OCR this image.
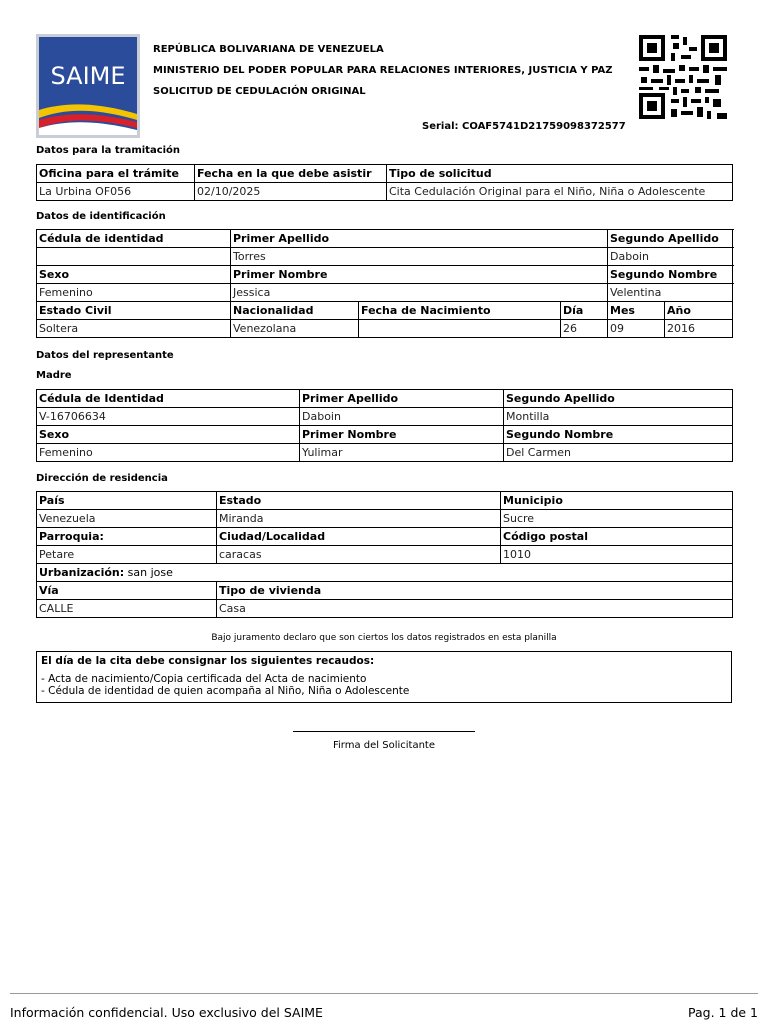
SAIME
REPÚBLICA BOLIVARIANA DE VENEZUELA
MINISTERIO DEL PODER POPULAR PARA RELACIONES INTERIORES, JUSTICIA Y PAZ
SOLICITUD DE CEDULACIÓN ORIGINAL
Serial: COAF5741D21759098372577
Datos para la tramitación
Oficina para el trámite	Fecha en la que debe asistir	Tipo de solicitud
La Urbina OF056	02/10/2025	Cita Cedulación Original para el Niño, Niña o Adolescente
Datos de identificación
Cédula de identidad	Primer Apellido			Segundo Apellido	
	Torres			Daboin	
Sexo	Primer Nombre			Segundo Nombre	
Femenino	Jessica			Velentina	
Estado Civil	Nacionalidad	Fecha de Nacimiento	Día	Mes	Año
Soltera	Venezolana		26	09	2016
Datos del representante
Madre
Cédula de Identidad	Primer Apellido	Segundo Apellido
V-16706634	Daboin	Montilla
Sexo	Primer Nombre	Segundo Nombre
Femenino	Yulimar	Del Carmen
Dirección de residencia
País	Estado	Municipio
Venezuela	Miranda	Sucre
Parroquia:	Ciudad/Localidad	Código postal
Petare	caracas	1010
Urbanización: san jose		
Vía	Tipo de vivienda	
CALLE	Casa	
Bajo juramento declaro que son ciertos los datos registrados en esta planilla
El día de la cita debe consignar los siguientes recaudos:
- Acta de nacimiento/Copia certificada del Acta de nacimiento
- Cédula de identidad de quien acompaña al Niño, Niña o Adolescente
Firma del Solicitante
Información confidencial. Uso exclusivo del SAIME	Pag. 1 de 1
